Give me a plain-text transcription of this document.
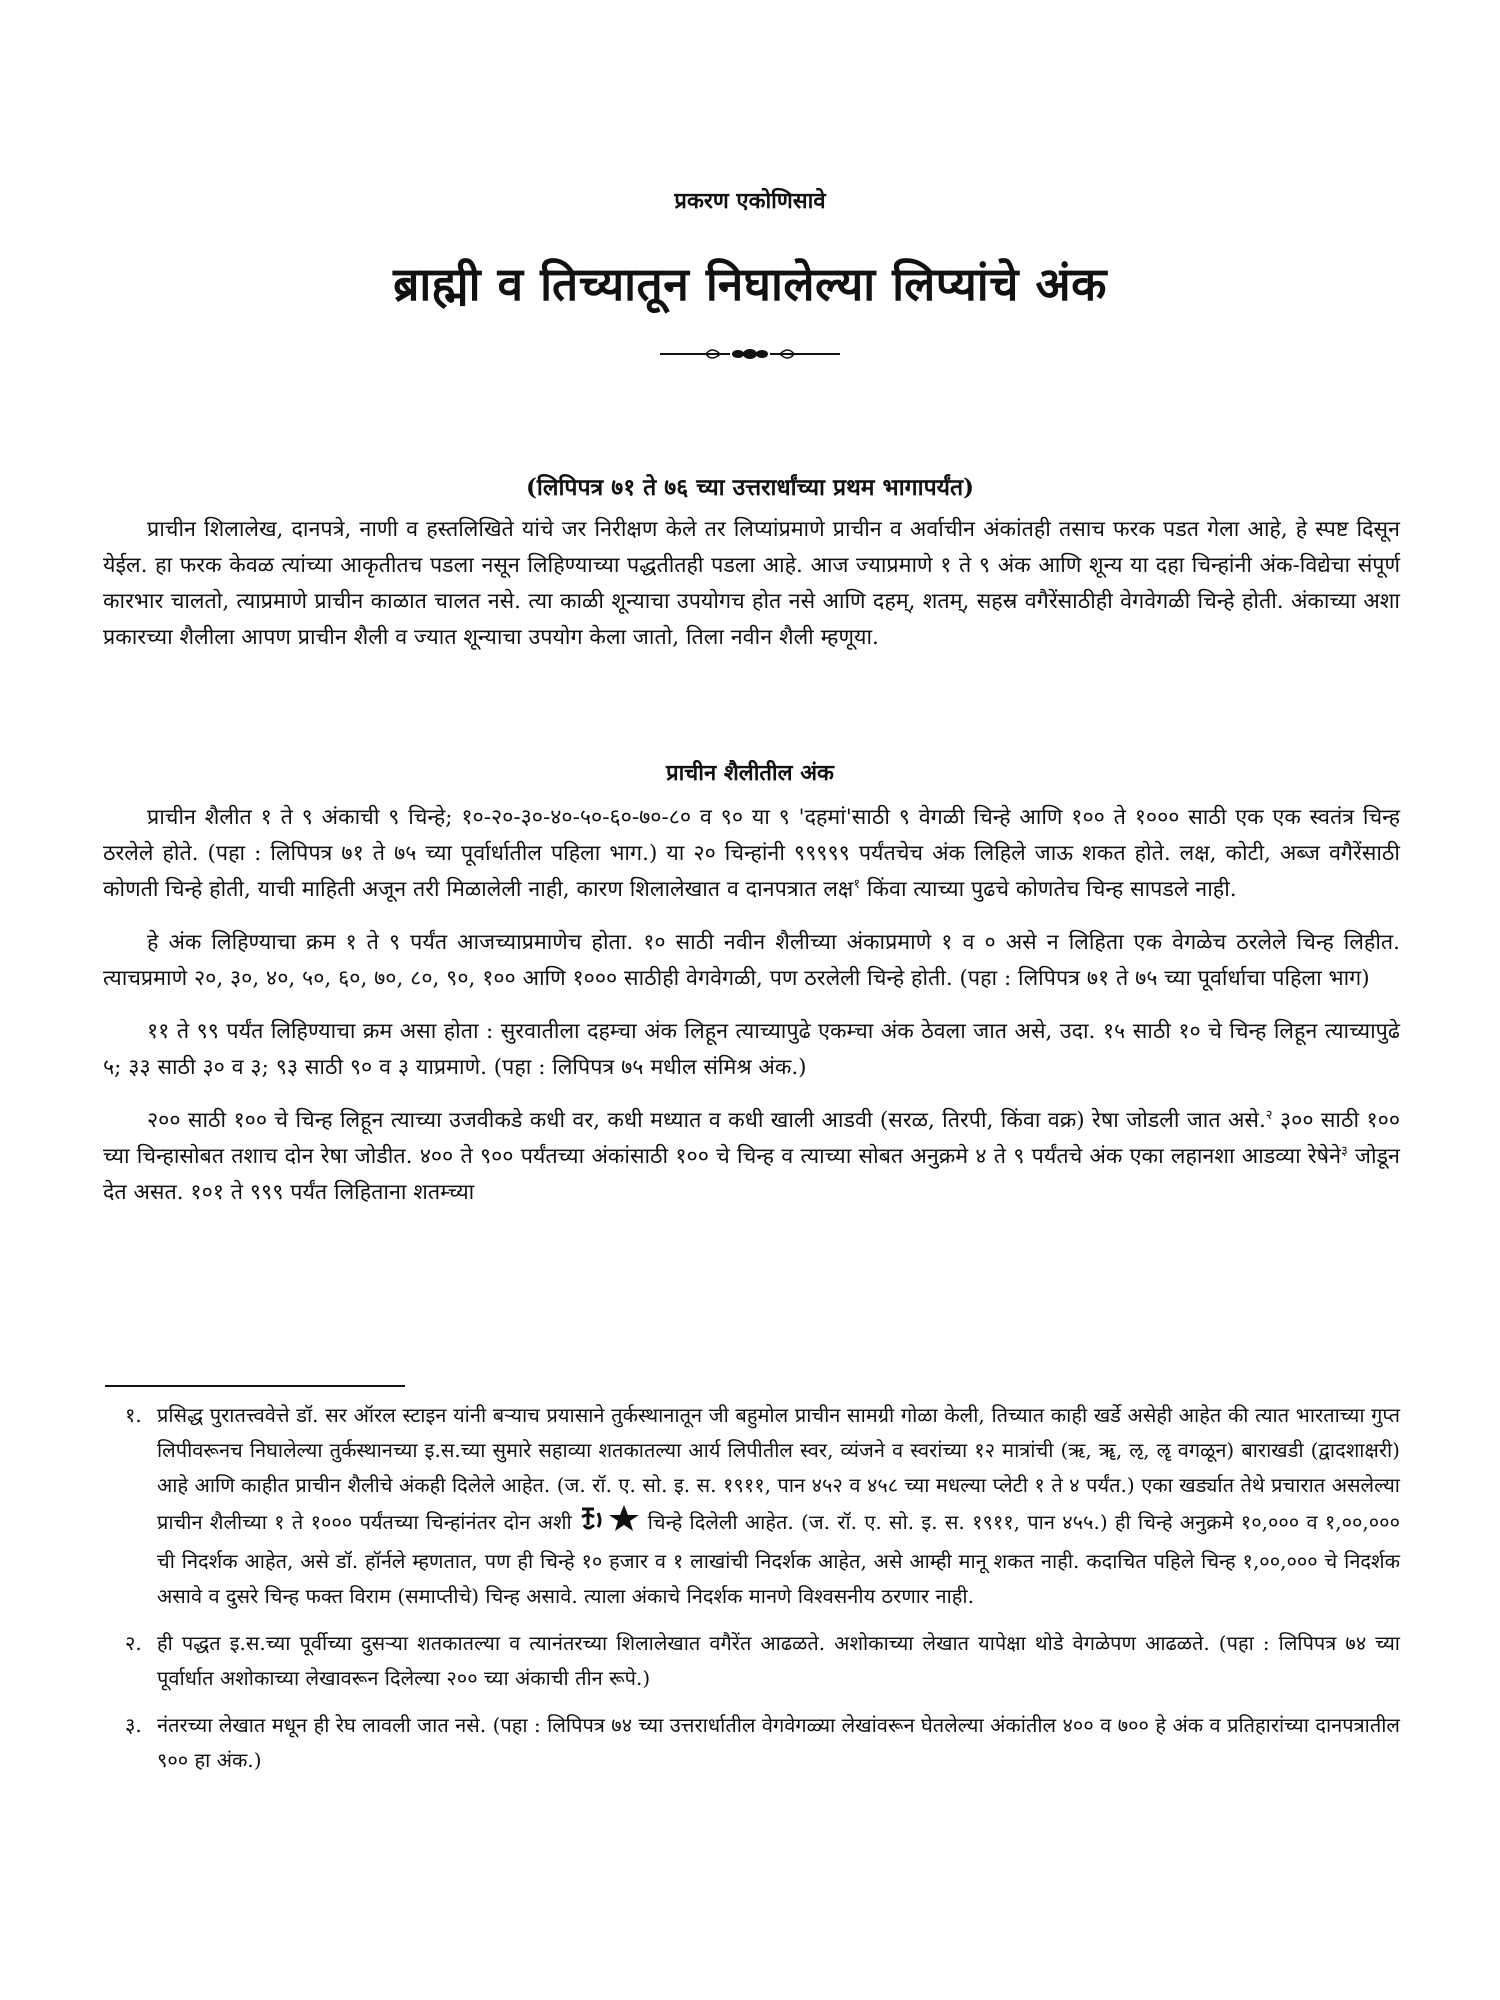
प्रकरण एकोणिसावे
ब्राह्मी व तिच्यातून निघालेल्या लिप्यांचे अंक
(लिपिपत्र ७१ ते ७६ च्या उत्तरार्धांच्या प्रथम भागापर्यंत)

प्राचीन शिलालेख, दानपत्रे, नाणी व हस्तलिखिते यांचे जर निरीक्षण केले तर लिप्यांप्रमाणे प्राचीन व अर्वाचीन अंकांतही तसाच फरक पडत गेला आहे, हे स्पष्ट दिसून येईल. हा फरक केवळ त्यांच्या आकृतीतच पडला नसून लिहिण्याच्या पद्धतीतही पडला आहे. आज ज्याप्रमाणे १ ते ९ अंक आणि शून्य या दहा चिन्हांनी अंक-विद्येचा संपूर्ण कारभार चालतो, त्याप्रमाणे प्राचीन काळात चालत नसे. त्या काळी शून्याचा उपयोगच होत नसे आणि दहम्, शतम्, सहस्र वगैरेंसाठीही वेगवेगळी चिन्हे होती. अंकाच्या अशा प्रकारच्या शैलीला आपण प्राचीन शैली व ज्यात शून्याचा उपयोग केला जातो, तिला नवीन शैली म्हणूया.

प्राचीन शैलीतील अंक

प्राचीन शैलीत १ ते ९ अंकाची ९ चिन्हे; १०-२०-३०-४०-५०-६०-७०-८० व ९० या ९ 'दहमां'साठी ९ वेगळी चिन्हे आणि १०० ते १००० साठी एक एक स्वतंत्र चिन्ह ठरलेले होते. (पहा : लिपिपत्र ७१ ते ७५ च्या पूर्वार्धातील पहिला भाग.) या २० चिन्हांनी ९९९९९ पर्यंतचेच अंक लिहिले जाऊ शकत होते. लक्ष, कोटी, अब्ज वगैरेंसाठी कोणती चिन्हे होती, याची माहिती अजून तरी मिळालेली नाही, कारण शिलालेखात व दानपत्रात लक्ष$^१$ किंवा त्याच्या पुढचे कोणतेच चिन्ह सापडले नाही.

हे अंक लिहिण्याचा क्रम १ ते ९ पर्यंत आजच्याप्रमाणेच होता. १० साठी नवीन शैलीच्या अंकाप्रमाणे १ व ० असे न लिहिता एक वेगळेच ठरलेले चिन्ह लिहीत. त्याचप्रमाणे २०, ३०, ४०, ५०, ६०, ७०, ८०, ९०, १०० आणि १००० साठीही वेगवेगळी, पण ठरलेली चिन्हे होती. (पहा : लिपिपत्र ७१ ते ७५ च्या पूर्वार्धाचा पहिला भाग)

११ ते ९९ पर्यंत लिहिण्याचा क्रम असा होता : सुरवातीला दहम्चा अंक लिहून त्याच्यापुढे एकम्चा अंक ठेवला जात असे, उदा. १५ साठी १० चे चिन्ह लिहून त्याच्यापुढे ५; ३३ साठी ३० व ३; ९३ साठी ९० व ३ याप्रमाणे. (पहा : लिपिपत्र ७५ मधील संमिश्र अंक.)

२०० साठी १०० चे चिन्ह लिहून त्याच्या उजवीकडे कधी वर, कधी मध्यात व कधी खाली आडवी (सरळ, तिरपी, किंवा वक्र) रेषा जोडली जात असे.$^२$ ३०० साठी १०० च्या चिन्हासोबत तशाच दोन रेषा जोडीत. ४०० ते ९०० पर्यंतच्या अंकांसाठी १०० चे चिन्ह व त्याच्या सोबत अनुक्रमे ४ ते ९ पर्यंतचे अंक एका लहानशा आडव्या रेषेने$^३$ जोडून देत असत. १०१ ते ९९९ पर्यंत लिहिताना शतम्च्या

१. प्रसिद्ध पुरातत्त्ववेत्ते डॉ. सर ऑरल स्टाइन यांनी बऱ्याच प्रयासाने तुर्कस्थानातून जी बहुमोल प्राचीन सामग्री गोळा केली, तिच्यात काही खर्डे असेही आहेत की त्यात भारताच्या गुप्त लिपीवरूनच निघालेल्या तुर्कस्थानच्या इ.स.च्या सुमारे सहाव्या शतकातल्या आर्य लिपीतील स्वर, व्यंजने व स्वरांच्या १२ मात्रांची (ऋ, ॠ, ऌ, ॡ वगळून) बाराखडी (द्वादशाक्षरी) आहे आणि काहीत प्राचीन शैलीचे अंकही दिलेले आहेत. (ज. रॉ. ए. सो. इ. स. १९११, पान ४५२ व ४५८ च्या मधल्या प्लेटी १ ते ४ पर्यंत.) एका खर्ड्यात तेथे प्रचारात असलेल्या प्राचीन शैलीच्या १ ते १००० पर्यंतच्या चिन्हांनंतर दोन अशी	चिन्हे दिलेली आहेत. (ज. रॉ. ए. सो. इ. स. १९११, पान ४५५.) ही चिन्हे अनुक्रमे १०,००० व १,००,००० ची निदर्शक आहेत, असे डॉ. हॉर्नले म्हणतात, पण ही चिन्हे १० हजार व १ लाखांची निदर्शक आहेत, असे आम्ही मानू शकत नाही. कदाचित पहिले चिन्ह १,००,००० चे निदर्शक असावे व दुसरे चिन्ह फक्त विराम (समाप्तीचे) चिन्ह असावे. त्याला अंकाचे निदर्शक मानणे विश्वसनीय ठरणार नाही.
२. ही पद्धत इ.स.च्या पूर्वीच्या दुसऱ्या शतकातल्या व त्यानंतरच्या शिलालेखात वगैरेंत आढळते. अशोकाच्या लेखात यापेक्षा थोडे वेगळेपण आढळते. (पहा : लिपिपत्र ७४ च्या पूर्वार्धात अशोकाच्या लेखावरून दिलेल्या २०० च्या अंकाची तीन रूपे.)
३. नंतरच्या लेखात मधून ही रेघ लावली जात नसे. (पहा : लिपिपत्र ७४ च्या उत्तरार्धातील वेगवेगळ्या लेखांवरून घेतलेल्या अंकांतील ४०० व ७०० हे अंक व प्रतिहारांच्या दानपत्रातील ९०० हा अंक.)
